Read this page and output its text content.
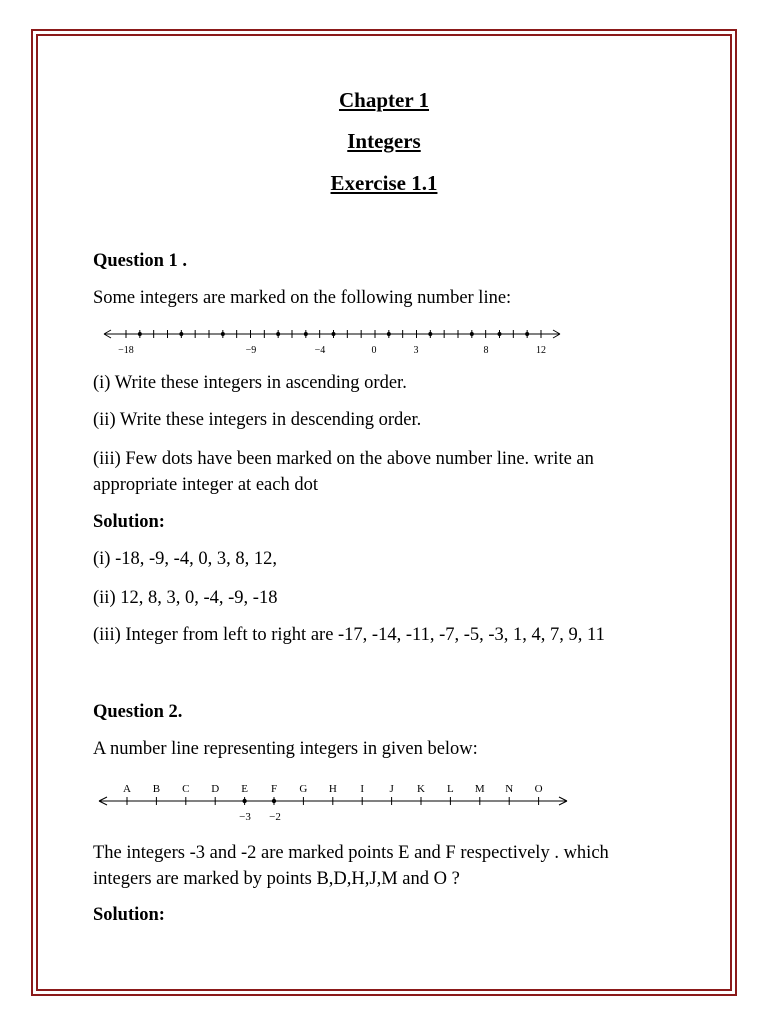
Chapter 1
Integers
Exercise 1.1
Question 1 .
Some integers are marked on the following number line:
−18	−9	−4	0	3	8	12
(i) Write these integers in ascending order.
(ii) Write these integers in descending order.
(iii) Few dots have been marked on the above number line. write an
appropriate integer at each dot
Solution:
(i) -18, -9, -4, 0, 3, 8, 12,
(ii) 12, 8, 3, 0, -4, -9, -18
(iii) Integer from left to right are -17, -14, -11, -7, -5, -3, 1, 4, 7, 9, 11
Question 2.
A number line representing integers in given below:
A B C D E F G H I J K L M N O
−3 −2
The integers -3 and -2 are marked points E and F respectively . which
integers are marked by points B,D,H,J,M and O ?
Solution:
